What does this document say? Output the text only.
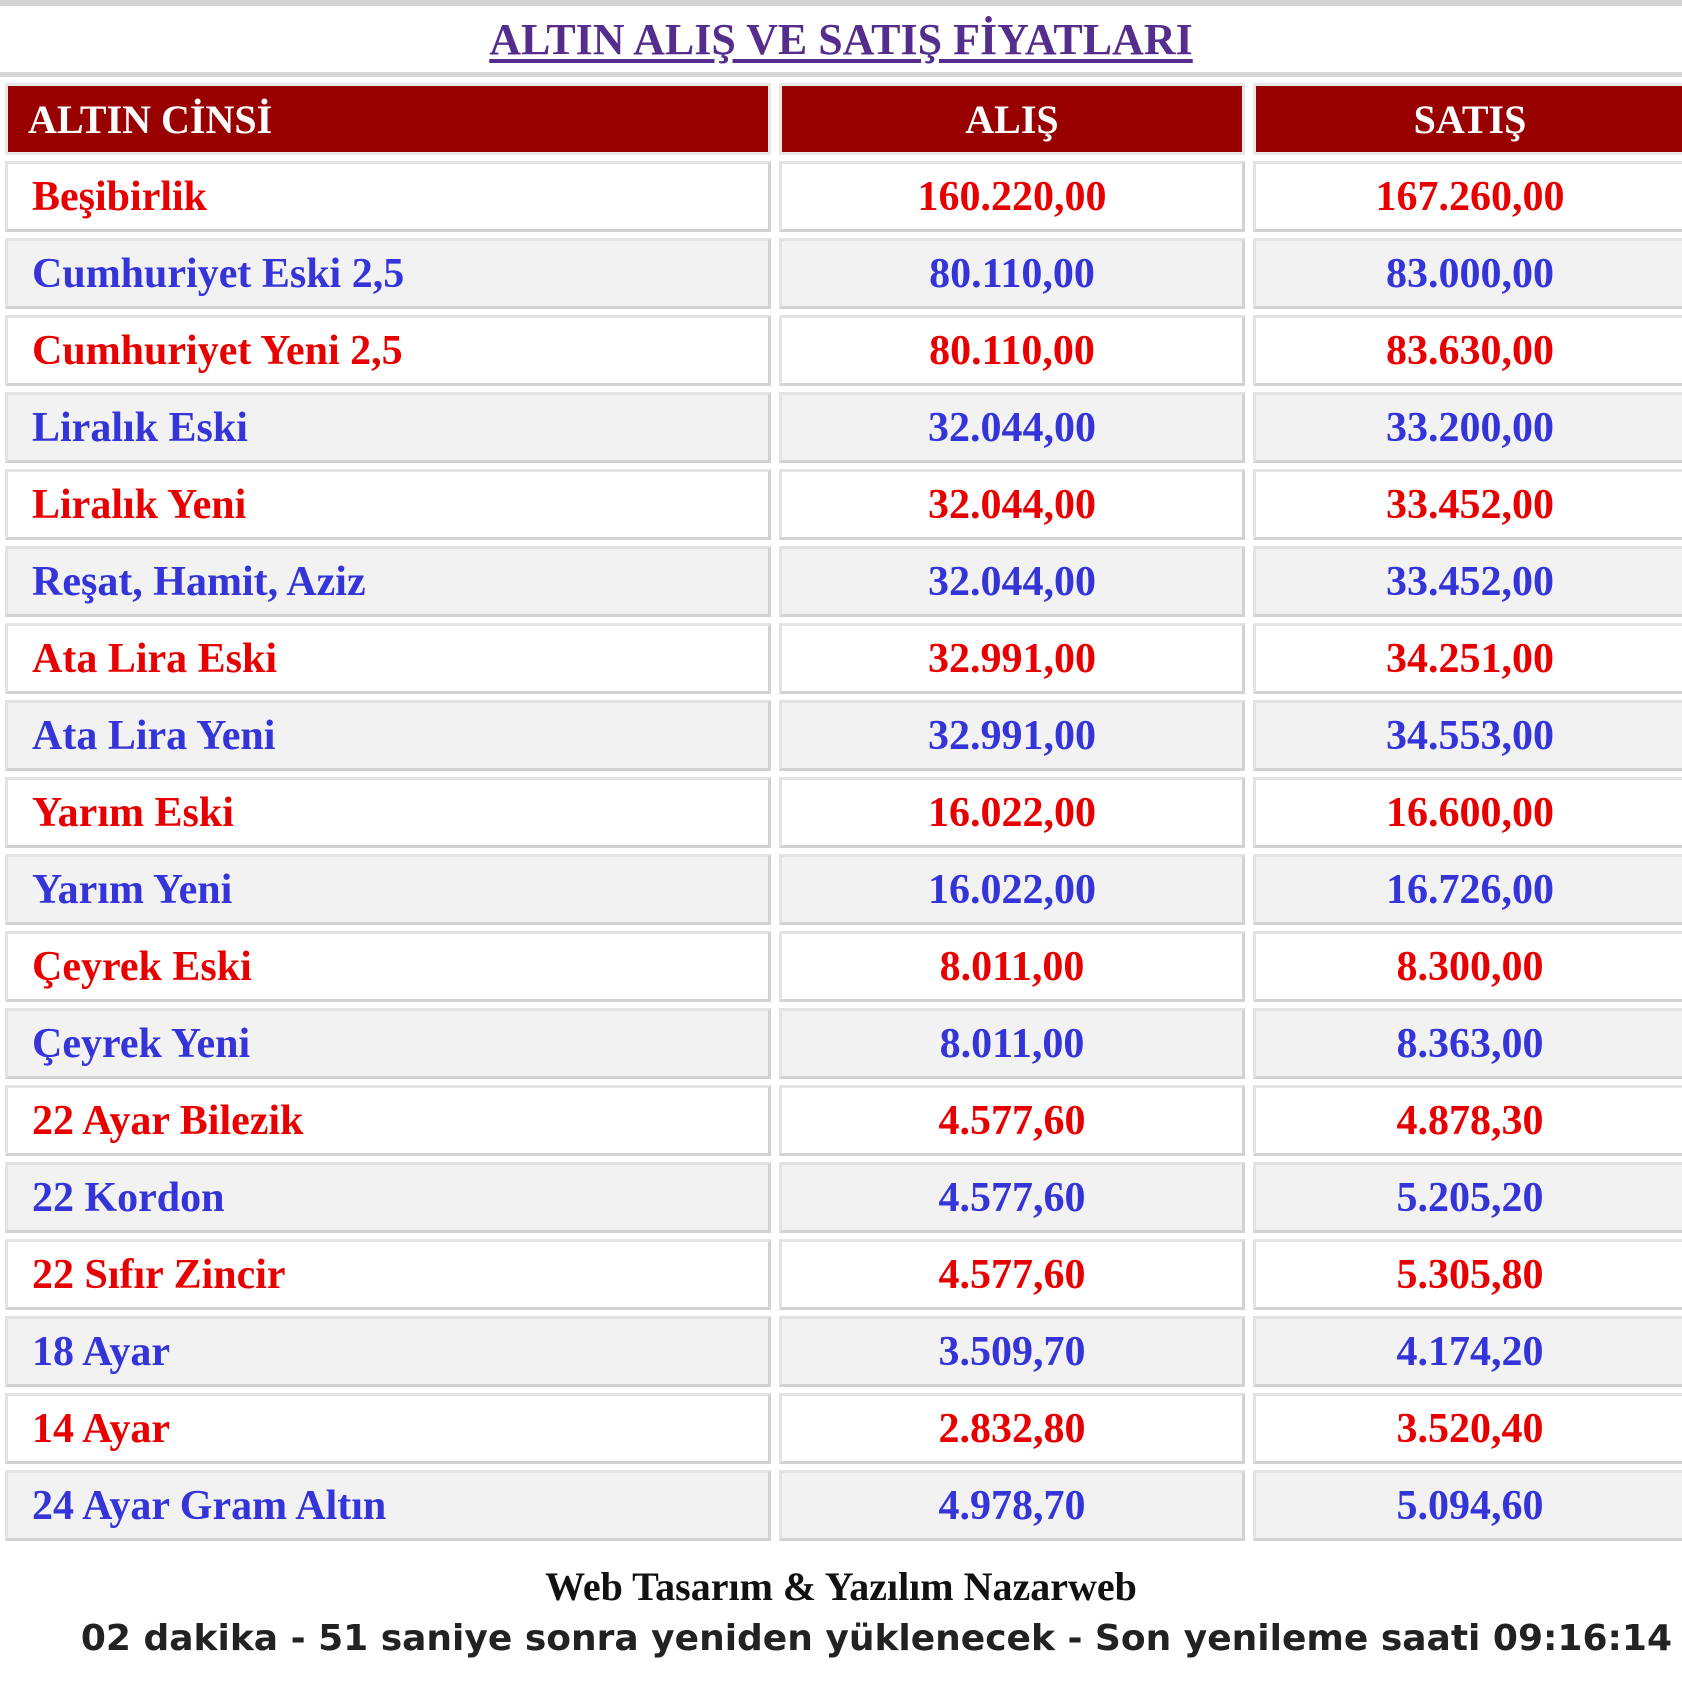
ALTIN ALIŞ VE SATIŞ FİYATLARI
ALTIN CİNSİ	ALIŞ	SATIŞ
Beşibirlik	160.220,00	167.260,00
Cumhuriyet Eski 2,5	80.110,00	83.000,00
Cumhuriyet Yeni 2,5	80.110,00	83.630,00
Liralık Eski	32.044,00	33.200,00
Liralık Yeni	32.044,00	33.452,00
Reşat, Hamit, Aziz	32.044,00	33.452,00
Ata Lira Eski	32.991,00	34.251,00
Ata Lira Yeni	32.991,00	34.553,00
Yarım Eski	16.022,00	16.600,00
Yarım Yeni	16.022,00	16.726,00
Çeyrek Eski	8.011,00	8.300,00
Çeyrek Yeni	8.011,00	8.363,00
22 Ayar Bilezik	4.577,60	4.878,30
22 Kordon	4.577,60	5.205,20
22 Sıfır Zincir	4.577,60	5.305,80
18 Ayar	3.509,70	4.174,20
14 Ayar	2.832,80	3.520,40
24 Ayar Gram Altın	4.978,70	5.094,60
Web Tasarım & Yazılım Nazarweb
02 dakika - 51 saniye sonra yeniden yüklenecek - Son yenileme saati 09:16:14
